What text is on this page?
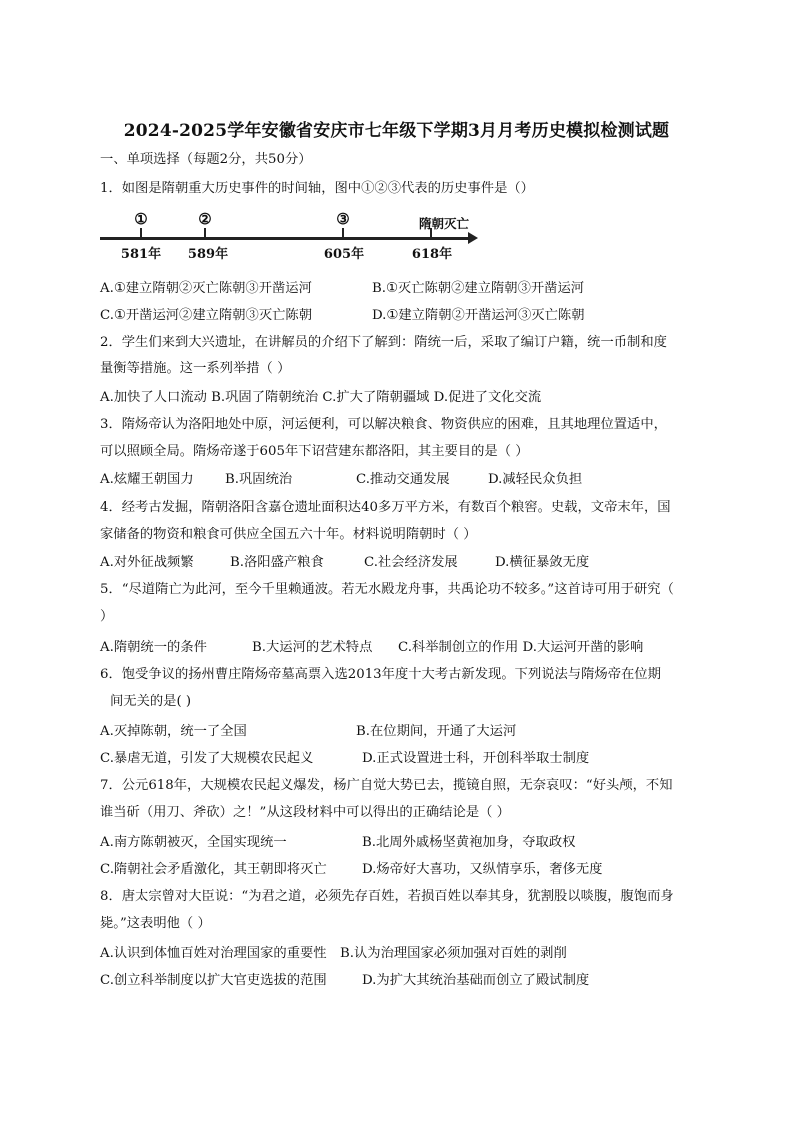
2024-2025学年安徽省安庆市七年级下学期3月月考历史模拟检测试题
一、单项选择（每题2分，共50分）
1．如图是隋朝重大历史事件的时间轴，图中①②③代表的历史事件是（）
①	②	③	隋朝灭亡
581年 589年	605年	618年
A.①建立隋朝②灭亡陈朝③开凿运河	B.①灭亡陈朝②建立隋朝③开凿运河
C.①开凿运河②建立隋朝③灭亡陈朝	D.①建立隋朝②开凿运河③灭亡陈朝
2．学生们来到大兴遗址，在讲解员的介绍下了解到：隋统一后，采取了编订户籍，统一币制和度
量衡等措施。这一系列举措（ ）
A.加快了人口流动 B.巩固了隋朝统治 C.扩大了隋朝疆域 D.促进了文化交流
3．隋炀帝认为洛阳地处中原，河运便利，可以解决粮食、物资供应的困难，且其地理位置适中，
可以照顾全局。隋炀帝遂于605年下诏营建东都洛阳，其主要目的是（ ）
A.炫耀王朝国力 B.巩固统治	C.推动交通发展	D.减轻民众负担
4．经考古发掘，隋朝洛阳含嘉仓遗址面积达40多万平方米，有数百个粮窖。史载，文帝末年，国
家储备的物资和粮食可供应全国五六十年。材料说明隋朝时（ ）
A.对外征战频繁	B.洛阳盛产粮食	C.社会经济发展	D.横征暴敛无度
5．“尽道隋亡为此河，至今千里赖通波。若无水殿龙舟事，共禹论功不较多。”这首诗可用于研究（
）
A.隋朝统一的条件	B.大运河的艺术特点 C.科举制创立的作用 D.大运河开凿的影响
6．饱受争议的扬州曹庄隋炀帝墓高票入选2013年度十大考古新发现。下列说法与隋炀帝在位期
间无关的是( )
A.灭掉陈朝，统一了全国	B.在位期间，开通了大运河
C.暴虐无道，引发了大规模农民起义	D.正式设置进士科，开创科举取士制度
7．公元618年，大规模农民起义爆发，杨广自觉大势已去，揽镜自照，无奈哀叹：“好头颅，不知
谁当斫（用刀、斧砍）之！”从这段材料中可以得出的正确结论是（ ）
A.南方陈朝被灭，全国实现统一	B.北周外戚杨坚黄袍加身，夺取政权
C.隋朝社会矛盾激化，其王朝即将灭亡	D.炀帝好大喜功，又纵情享乐，奢侈无度
8．唐太宗曾对大臣说：“为君之道，必须先存百姓，若损百姓以奉其身，犹割股以啖腹，腹饱而身
毙。”这表明他（ ）
A.认识到体恤百姓对治理国家的重要性 B.认为治理国家必须加强对百姓的剥削
C.创立科举制度以扩大官吏选拔的范围	D.为扩大其统治基础而创立了殿试制度
